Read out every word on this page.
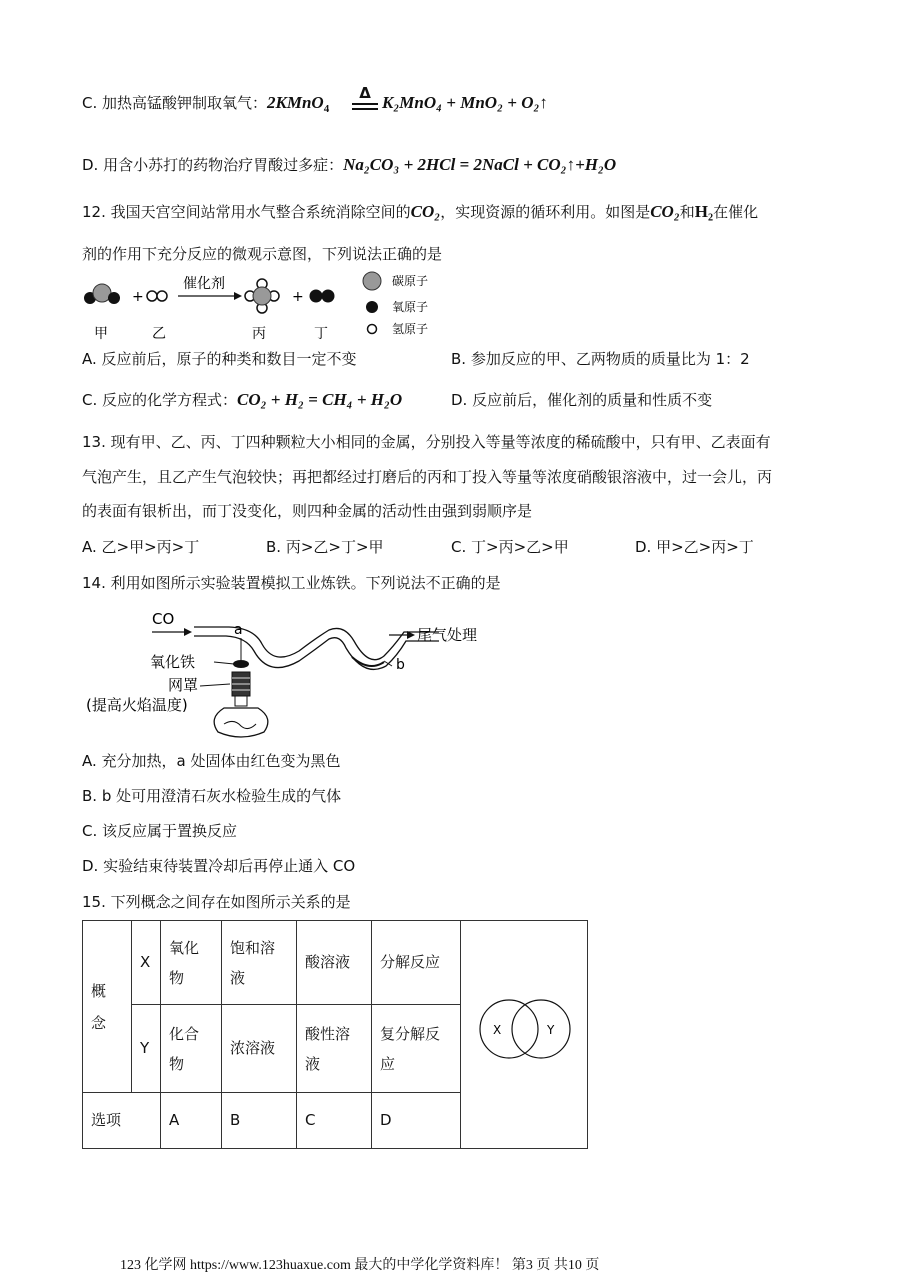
C. 加热高锰酸钾制取氧气：2KMnO$_4$
Δ K₂MnO₄ + MnO₂ + O₂↑
D. 用含小苏打的药物治疗胃酸过多症：Na₂CO₃ + 2HCl = 2NaCl + CO₂↑+H₂O
12. 我国天宫空间站常用水气整合系统消除空间的CO₂，实现资源的循环利用。如图是CO₂和H₂在催化
剂的作用下充分反应的微观示意图，下列说法正确的是
+
催化剂
+
甲	乙	丙	丁
碳原子
氧原子
氢原子
A. 反应前后，原子的种类和数目一定不变	B. 参加反应的甲、乙两物质的质量比为 1：2
C. 反应的化学方程式：CO₂ + H₂ = CH₄ + H₂O	D. 反应前后，催化剂的质量和性质不变
13. 现有甲、乙、丙、丁四种颗粒大小相同的金属，分别投入等量等浓度的稀硫酸中，只有甲、乙表面有
气泡产生，且乙产生气泡较快；再把都经过打磨后的丙和丁投入等量等浓度硝酸银溶液中，过一会儿，丙
的表面有银析出，而丁没变化，则四种金属的活动性由强到弱顺序是
A. 乙>甲>丙>丁	B. 丙>乙>丁>甲	C. 丁>丙>乙>甲	D. 甲>乙>丙>丁
14. 利用如图所示实验装置模拟工业炼铁。下列说法不正确的是
CO
a
b
尾气处理
氧化铁
网罩
(提高火焰温度)
A. 充分加热，a 处固体由红色变为黑色
B. b 处可用澄清石灰水检验生成的气体
C. 该反应属于置换反应
D. 实验结束待装置冷却后再停止通入 CO
15. 下列概念之间存在如图所示关系的是
概念	X	氧化物	饱和溶液	酸溶液	分解反应	X Y

	Y	化合物	浓溶液	酸性溶液	复分解反应	
选项		A	B	C	D	
123 化学网 https://www.123huaxue.com 最大的中学化学资料库！ 第3 页 共10 页
